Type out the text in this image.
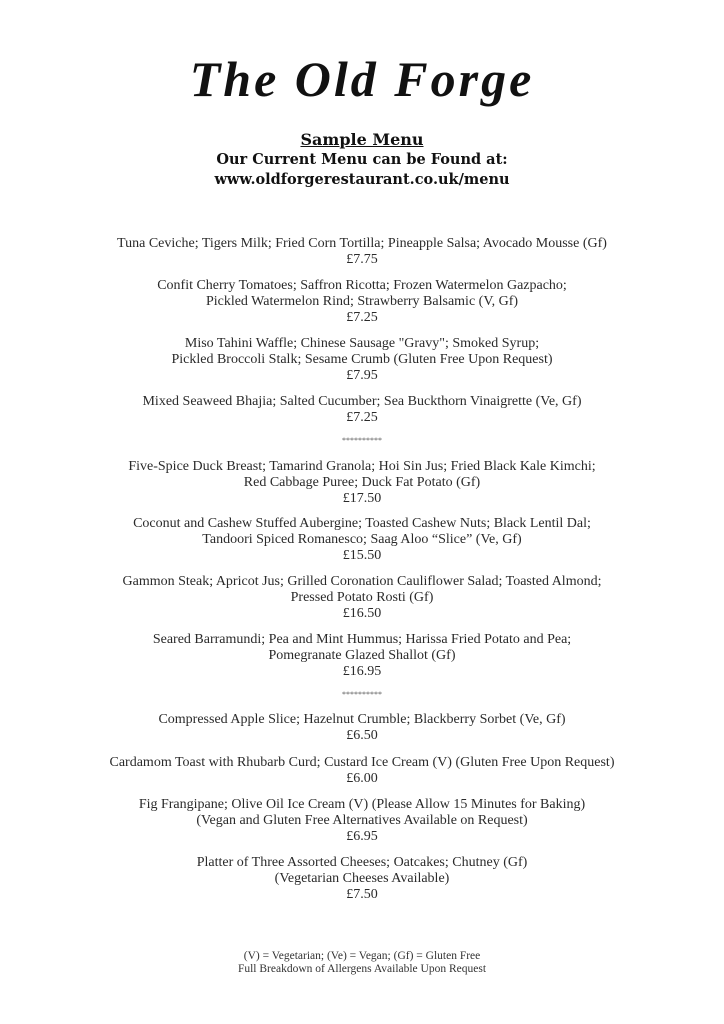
The Old Forge
Sample Menu
Our Current Menu can be Found at:
www.oldforgerestaurant.co.uk/menu
Tuna Ceviche; Tigers Milk; Fried Corn Tortilla; Pineapple Salsa; Avocado Mousse (Gf)
£7.75
Confit Cherry Tomatoes; Saffron Ricotta; Frozen Watermelon Gazpacho;
Pickled Watermelon Rind; Strawberry Balsamic (V, Gf)
£7.25
Miso Tahini Waffle; Chinese Sausage "Gravy"; Smoked Syrup;
Pickled Broccoli Stalk; Sesame Crumb (Gluten Free Upon Request)
£7.95
Mixed Seaweed Bhajia; Salted Cucumber; Sea Buckthorn Vinaigrette (Ve, Gf)
£7.25
**********
Five-Spice Duck Breast; Tamarind Granola; Hoi Sin Jus; Fried Black Kale Kimchi;
Red Cabbage Puree; Duck Fat Potato (Gf)
£17.50
Coconut and Cashew Stuffed Aubergine; Toasted Cashew Nuts; Black Lentil Dal;
Tandoori Spiced Romanesco; Saag Aloo “Slice” (Ve, Gf)
£15.50
Gammon Steak; Apricot Jus; Grilled Coronation Cauliflower Salad; Toasted Almond;
Pressed Potato Rosti (Gf)
£16.50
Seared Barramundi; Pea and Mint Hummus; Harissa Fried Potato and Pea;
Pomegranate Glazed Shallot (Gf)
£16.95
**********
Compressed Apple Slice; Hazelnut Crumble; Blackberry Sorbet (Ve, Gf)
£6.50
Cardamom Toast with Rhubarb Curd; Custard Ice Cream (V) (Gluten Free Upon Request)
£6.00
Fig Frangipane; Olive Oil Ice Cream (V) (Please Allow 15 Minutes for Baking)
(Vegan and Gluten Free Alternatives Available on Request)
£6.95
Platter of Three Assorted Cheeses; Oatcakes; Chutney (Gf)
(Vegetarian Cheeses Available)
£7.50
(V) = Vegetarian; (Ve) = Vegan; (Gf) = Gluten Free
Full Breakdown of Allergens Available Upon Request
